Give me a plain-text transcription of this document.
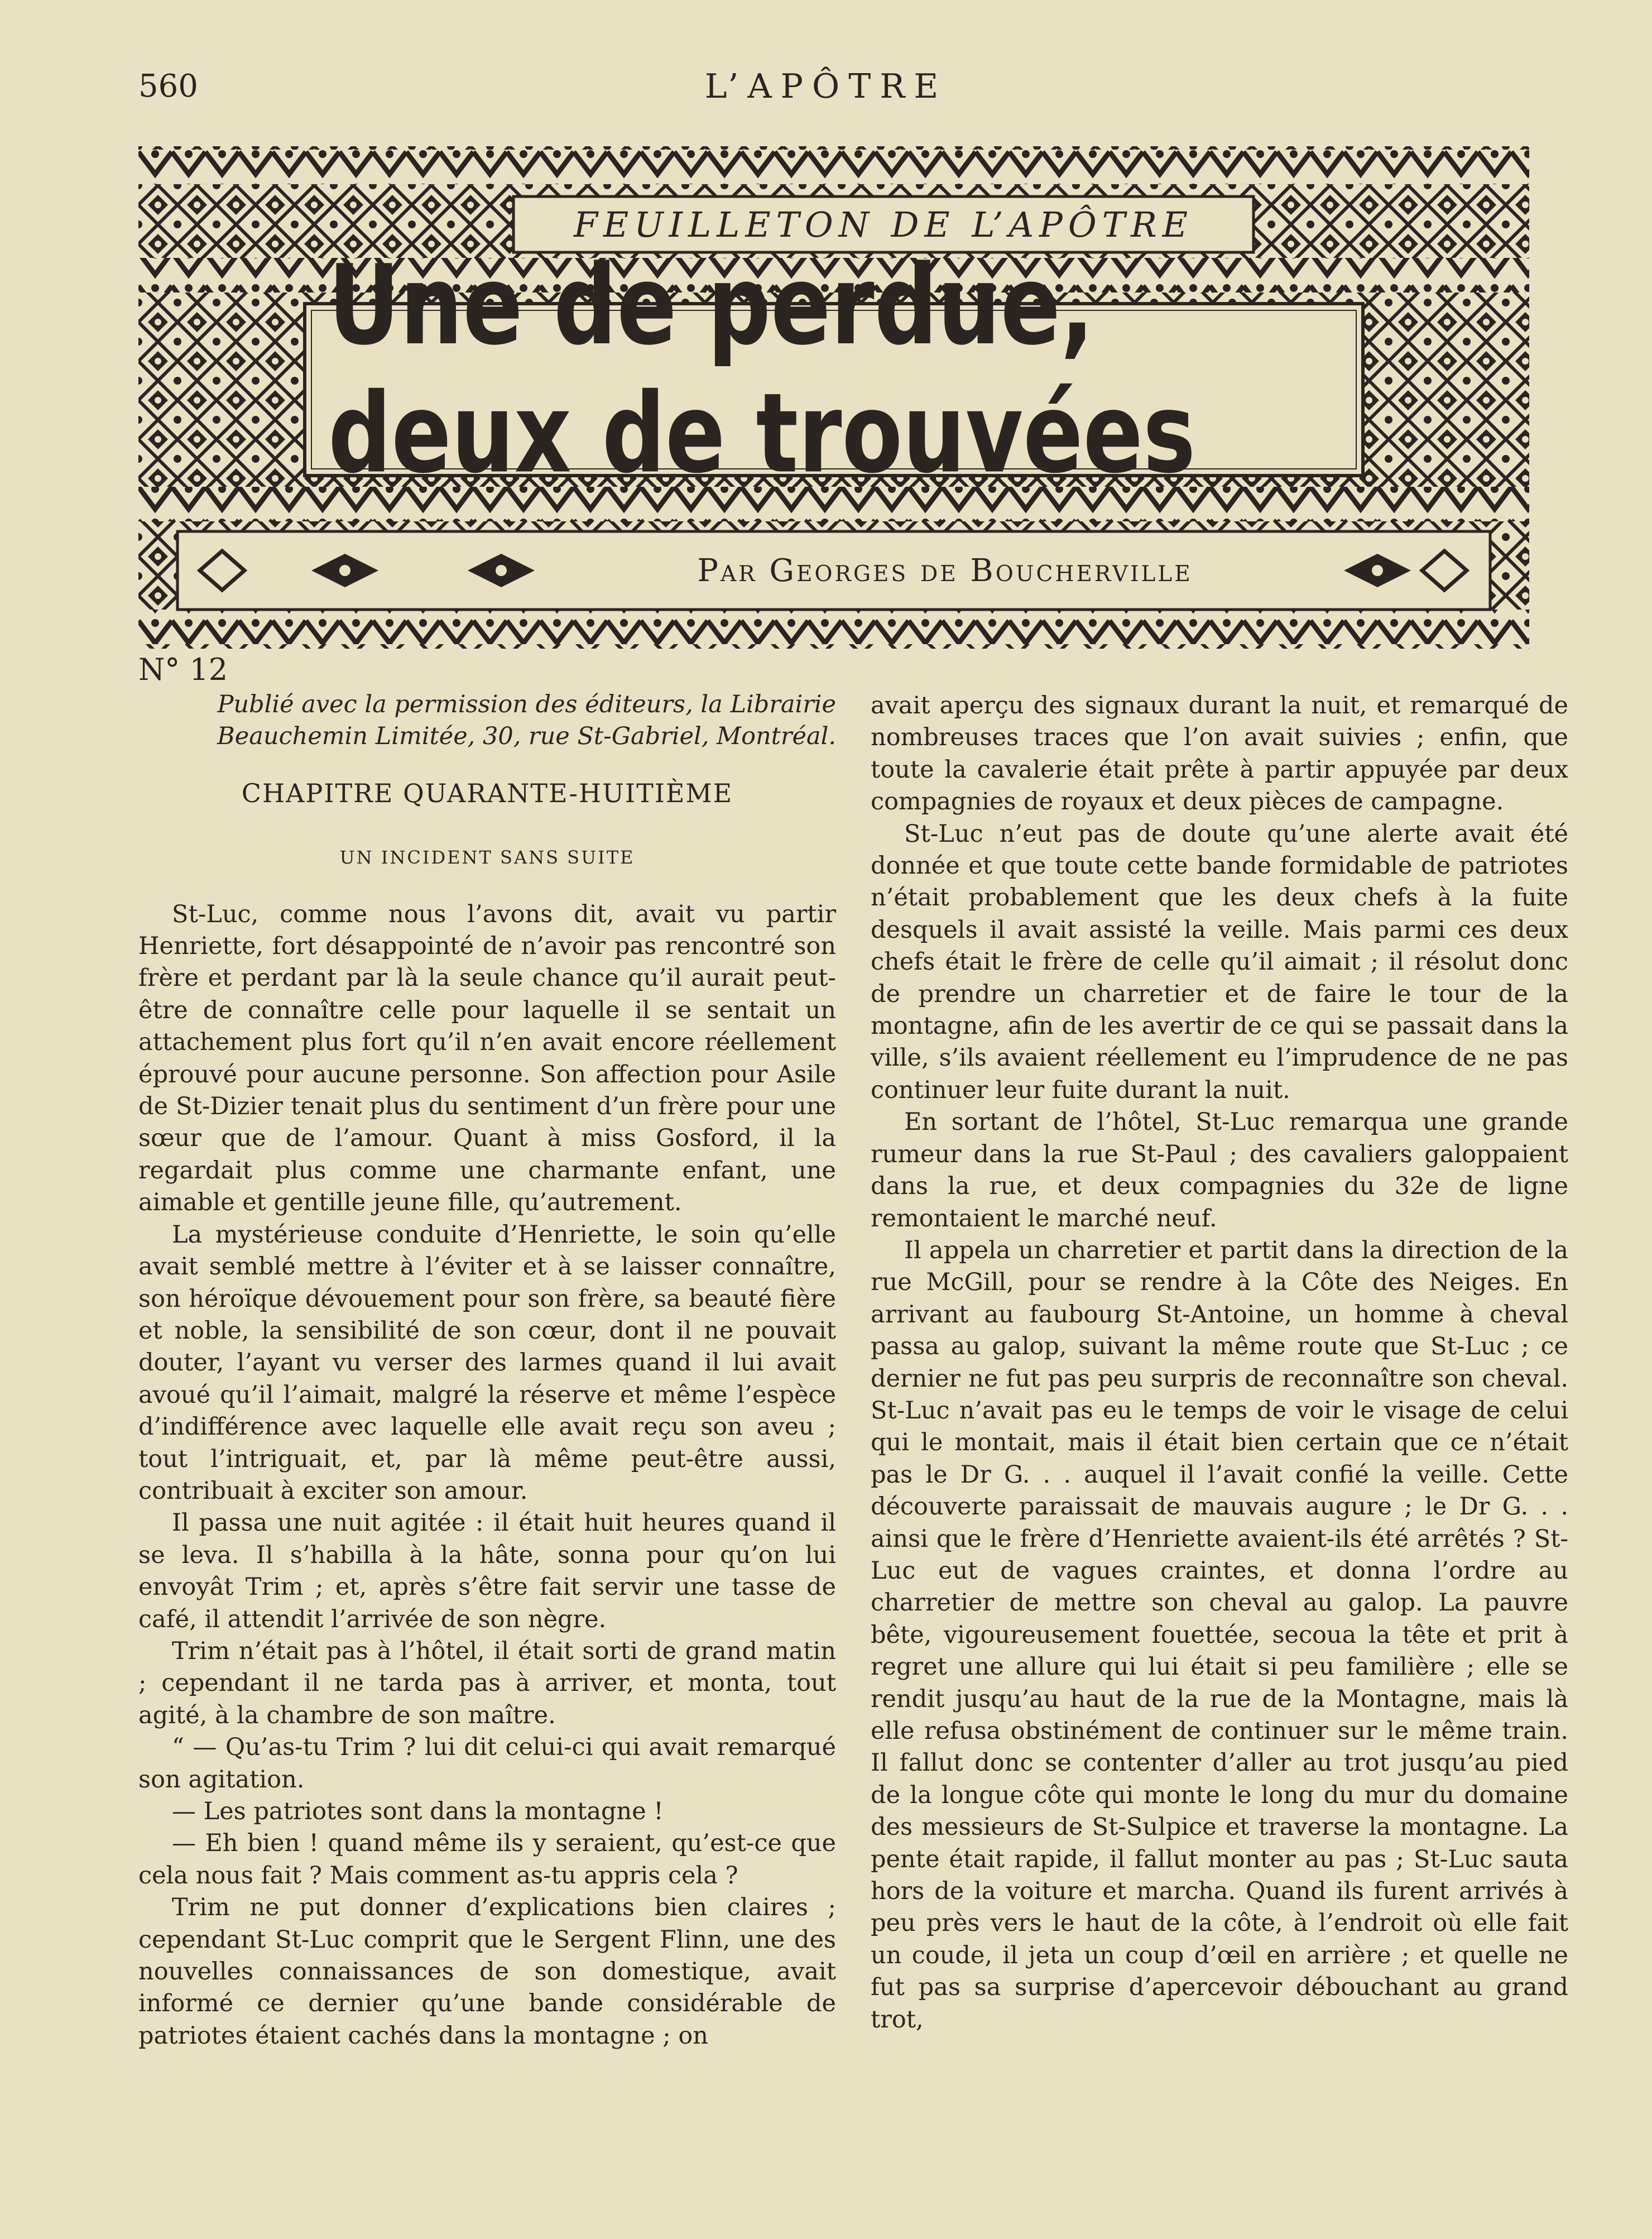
560	L’APÔTRE
FEUILLETON DE L’APÔTRE
Par Georges de Boucherville
N° 12

Publié avec la permission des éditeurs, la Librairie Beauchemin Limitée, 30, rue St-Gabriel, Montréal.

CHAPITRE QUARANTE-HUITIÈME
UN INCIDENT SANS SUITE

St-Luc, comme nous l’avons dit, avait vu partir Henriette, fort désappointé de n’avoir pas rencontré son frère et perdant par là la seule chance qu’il aurait peut-être de connaître celle pour laquelle il se sentait un attachement plus fort qu’il n’en avait encore réellement éprouvé pour aucune personne. Son affection pour Asile de St-Dizier tenait plus du sentiment d’un frère pour une sœur que de l’amour. Quant à miss Gosford, il la regardait plus comme une charmante enfant, une aimable et gentille jeune fille, qu’autrement.

La mystérieuse conduite d’Henriette, le soin qu’elle avait semblé mettre à l’éviter et à se laisser connaître, son héroïque dévouement pour son frère, sa beauté fière et noble, la sensibilité de son cœur, dont il ne pouvait douter, l’ayant vu verser des larmes quand il lui avait avoué qu’il l’aimait, malgré la réserve et même l’espèce d’indifférence avec laquelle elle avait reçu son aveu ; tout l’intriguait, et, par là même peut-être aussi, contribuait à exciter son amour.

Il passa une nuit agitée : il était huit heures quand il se leva. Il s’habilla à la hâte, sonna pour qu’on lui envoyât Trim ; et, après s’être fait servir une tasse de café, il attendit l’arrivée de son nègre.

Trim n’était pas à l’hôtel, il était sorti de grand matin ; cependant il ne tarda pas à arriver, et monta, tout agité, à la chambre de son maître.

“ — Qu’as-tu Trim ? lui dit celui-ci qui avait remarqué son agitation.

— Les patriotes sont dans la montagne !

— Eh bien ! quand même ils y seraient, qu’est-ce que cela nous fait ? Mais comment as-tu appris cela ?

Trim ne put donner d’explications bien claires ; cependant St-Luc comprit que le Sergent Flinn, une des nouvelles connaissances de son domestique, avait informé ce dernier qu’une bande considérable de patriotes étaient cachés dans la montagne ; on

avait aperçu des signaux durant la nuit, et remarqué de nombreuses traces que l’on avait suivies ; enfin, que toute la cavalerie était prête à partir appuyée par deux compagnies de royaux et deux pièces de campagne.

St-Luc n’eut pas de doute qu’une alerte avait été donnée et que toute cette bande formidable de patriotes n’était probablement que les deux chefs à la fuite desquels il avait assisté la veille. Mais parmi ces deux chefs était le frère de celle qu’il aimait ; il résolut donc de prendre un charretier et de faire le tour de la montagne, afin de les avertir de ce qui se passait dans la ville, s’ils avaient réellement eu l’imprudence de ne pas continuer leur fuite durant la nuit.

En sortant de l’hôtel, St-Luc remarqua une grande rumeur dans la rue St-Paul ; des cavaliers galoppaient dans la rue, et deux compagnies du 32e de ligne remontaient le marché neuf.

Il appela un charretier et partit dans la direction de la rue McGill, pour se rendre à la Côte des Neiges. En arrivant au faubourg St-Antoine, un homme à cheval passa au galop, suivant la même route que St-Luc ; ce dernier ne fut pas peu surpris de reconnaître son cheval. St-Luc n’avait pas eu le temps de voir le visage de celui qui le montait, mais il était bien certain que ce n’était pas le Dr G. . . auquel il l’avait confié la veille. Cette découverte paraissait de mauvais augure ; le Dr G. . . ainsi que le frère d’Henriette avaient-ils été arrêtés ? St-Luc eut de vagues craintes, et donna l’ordre au charretier de mettre son cheval au galop. La pauvre bête, vigoureusement fouettée, secoua la tête et prit à regret une allure qui lui était si peu familière ; elle se rendit jusqu’au haut de la rue de la Montagne, mais là elle refusa obstinément de continuer sur le même train. Il fallut donc se contenter d’aller au trot jusqu’au pied de la longue côte qui monte le long du mur du domaine des messieurs de St-Sulpice et traverse la montagne. La pente était rapide, il fallut monter au pas ; St-Luc sauta hors de la voiture et marcha. Quand ils furent arrivés à peu près vers le haut de la côte, à l’endroit où elle fait un coude, il jeta un coup d’œil en arrière ; et quelle ne fut pas sa surprise d’apercevoir débouchant au grand trot,
